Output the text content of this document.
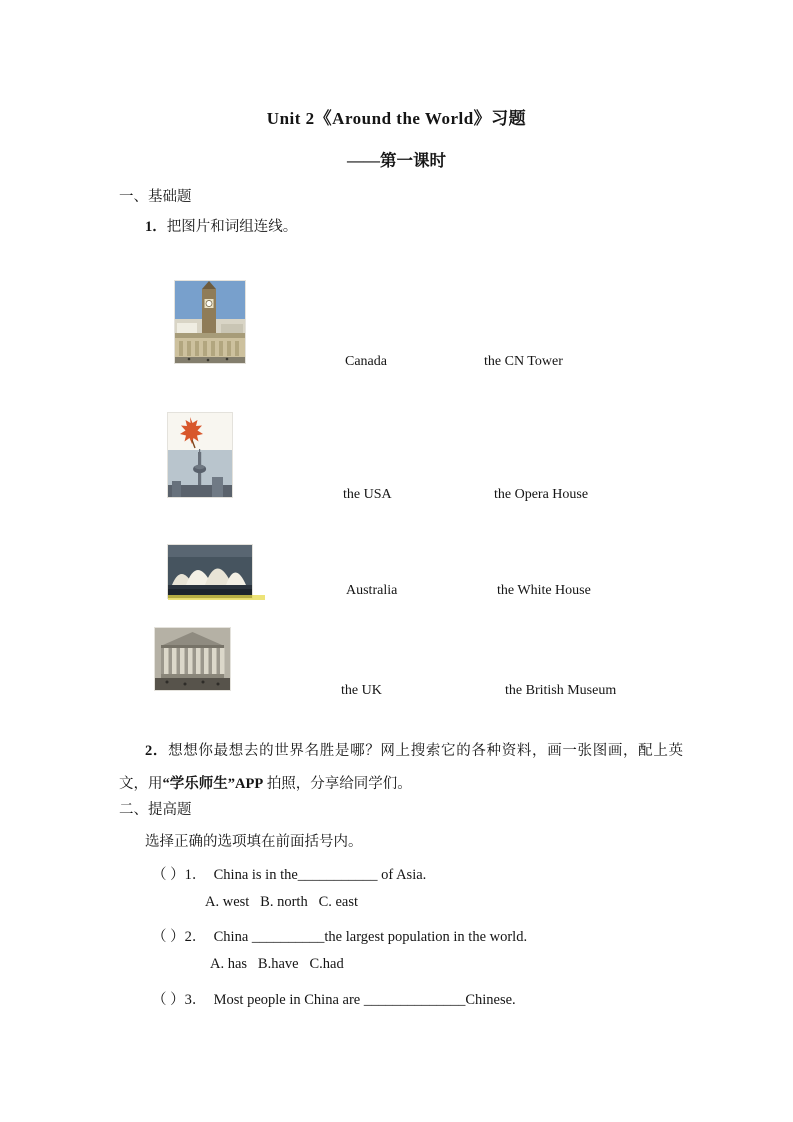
Unit 2《Around the World》习题
——第一课时
一、基础题
1．把图片和词组连线。
Canada	the CN Tower
the USA	the Opera House
Australia	the White House
the UK	the British Museum
2．想想你最想去的世界名胜是哪？网上搜索它的各种资料，画一张图画，配上英文，用“学乐师生”APP 拍照，分享给同学们。
二、提高题
选择正确的选项填在前面括号内。
（ ）1．  China is in the___________ of Asia.
A. west   B. north   C. east
（ ）2．  China __________the largest population in the world.
A. has   B.have   C.had
（ ）3．  Most people in China are ______________Chinese.
